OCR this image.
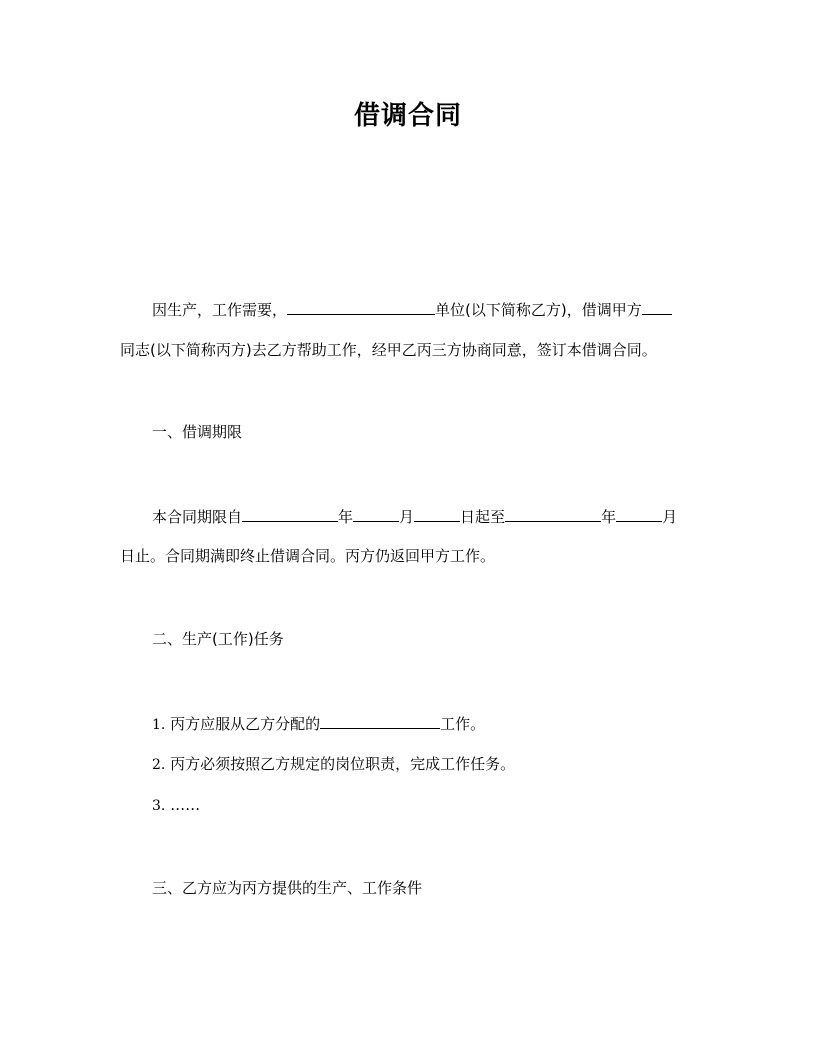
借调合同
因生产，工作需要，	单位(以下简称乙方)，借调甲方
同志(以下简称丙方)去乙方帮助工作，经甲乙丙三方协商同意，签订本借调合同。
一、借调期限
本合同期限自	年	月	日起至	年	月
日止。合同期满即终止借调合同。丙方仍返回甲方工作。
二、生产(工作)任务
1. 丙方应服从乙方分配的	工作。
2. 丙方必须按照乙方规定的岗位职责，完成工作任务。
3. ……
三、乙方应为丙方提供的生产、工作条件
